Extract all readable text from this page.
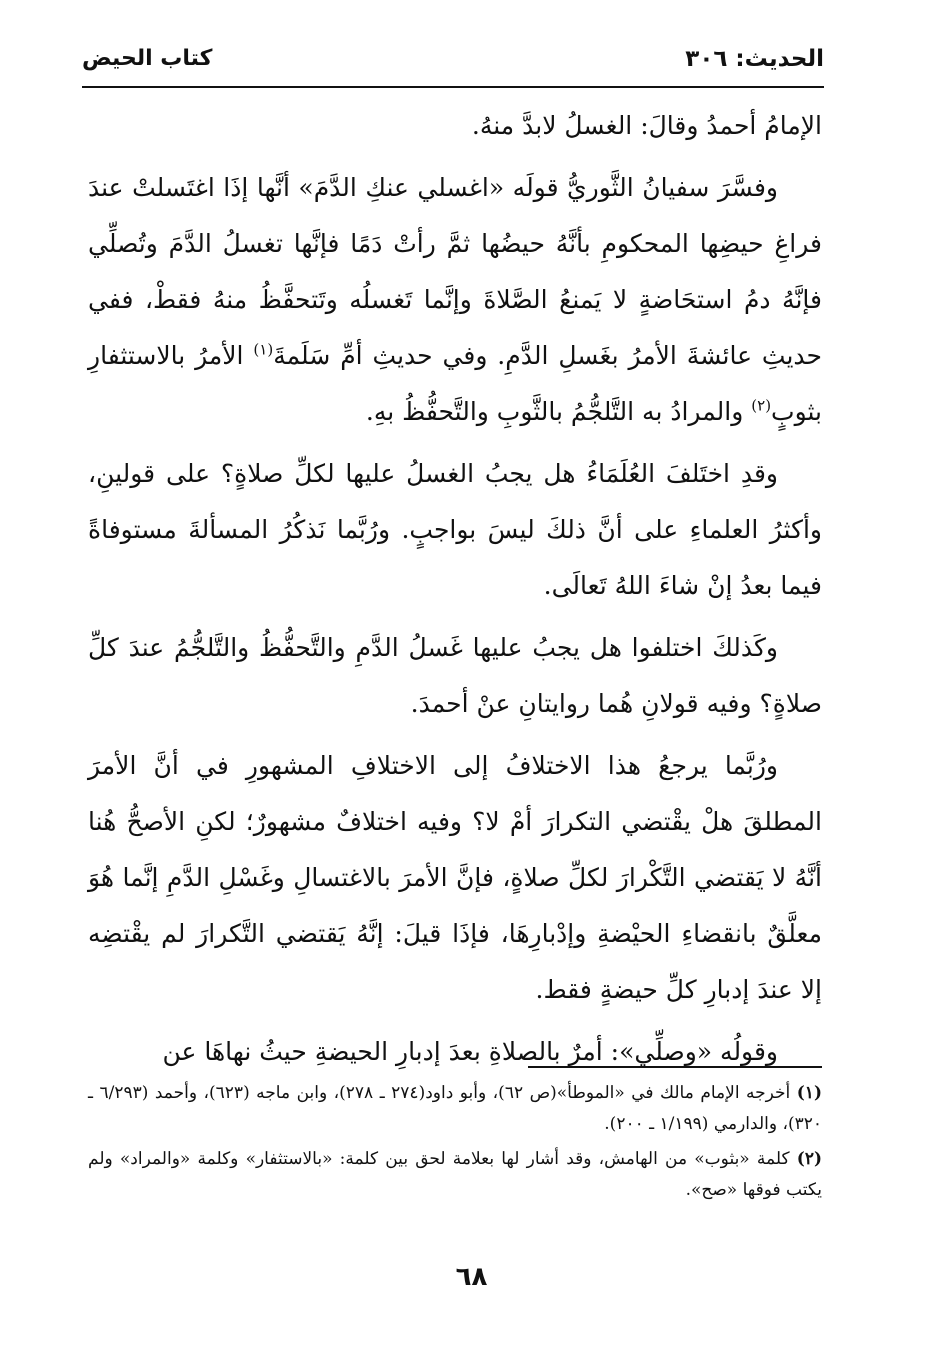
الحديث: ٣٠٦
كتاب الحيض

الإمامُ أحمدُ وقالَ: الغسلُ لابدَّ منهُ.

وفسَّرَ سفيانُ الثَّوريُّ قولَه «اغسلي عنكِ الدَّمَ» أنَّها إذَا اغتَسلتْ عندَ فراغِ حيضِها المحكومِ بأنَّهُ حيضُها ثمَّ رأتْ دَمًا فإنَّها تغسلُ الدَّمَ وتُصلِّي فإنَّهُ دمُ استحَاضةٍ لا يَمنعُ الصَّلاةَ وإنَّما تَغسلُه وتَتحفَّظُ منهُ فقطْ، ففي حديثِ عائشةَ الأمرُ بغَسلِ الدَّمِ. وفي حديثِ أمِّ سَلَمةَ$^{(١)}$ الأمرُ بالاستثفارِ بثوبٍ$^{(٢)}$ والمرادُ به التَّلجُّمُ بالثَّوبِ والتَّحفُّظُ بهِ.

وقدِ اختَلفَ العُلَمَاءُ هل يجبُ الغسلُ عليها لكلِّ صلاةٍ؟ على قولينِ، وأكثرُ العلماءِ على أنَّ ذلكَ ليسَ بواجبٍ. ورُبَّما نَذكُرُ المسألةَ مستوفاةً فيما بعدُ إنْ شاءَ اللهُ تَعالَى.

وكَذلكَ اختلفوا هل يجبُ عليها غَسلُ الدَّمِ والتَّحفُّظُ والتَّلجُّمُ عندَ كلِّ صلاةٍ؟ وفيه قولانِ هُما روايتانِ عنْ أحمدَ.

ورُبَّما يرجعُ هذا الاختلافُ إلى الاختلافِ المشهورِ في أنَّ الأمرَ المطلقَ هلْ يقْتضي التكرارَ أمْ لا؟ وفيه اختلافٌ مشهورٌ؛ لكنِ الأصحُّ هُنا أنَّهُ لا يَقتضي التَّكْرارَ لكلِّ صلاةٍ، فإنَّ الأمرَ بالاغتسالِ وغَسْلِ الدَّمِ إنَّما هُوَ معلَّقٌ بانقضاءِ الحيْضةِ وإدْبارِهَا، فإذَا قيلَ: إنَّهُ يَقتضي التَّكرارَ لم يقْتضِه إلا عندَ إدبارِ كلِّ حيضةٍ فقط.

وقولُه «وصلِّي»: أمرٌ بالصلاةِ بعدَ إدبارِ الحيضةِ حيثُ نهاهَا عن

(١) أخرجه الإمام مالك في «الموطأ»(ص ٦٢)، وأبو داود(٢٧٤ ـ ٢٧٨)، وابن ماجه (٦٢٣)، وأحمد (٦/٢٩٣ ـ ٣٢٠)، والدارمي (١/١٩٩ ـ ٢٠٠).

(٢) كلمة «بثوب» من الهامش، وقد أشار لها بعلامة لحق بين كلمة: «بالاستثفار» وكلمة «والمراد» ولم يكتب فوقها «صح».

٦٨
